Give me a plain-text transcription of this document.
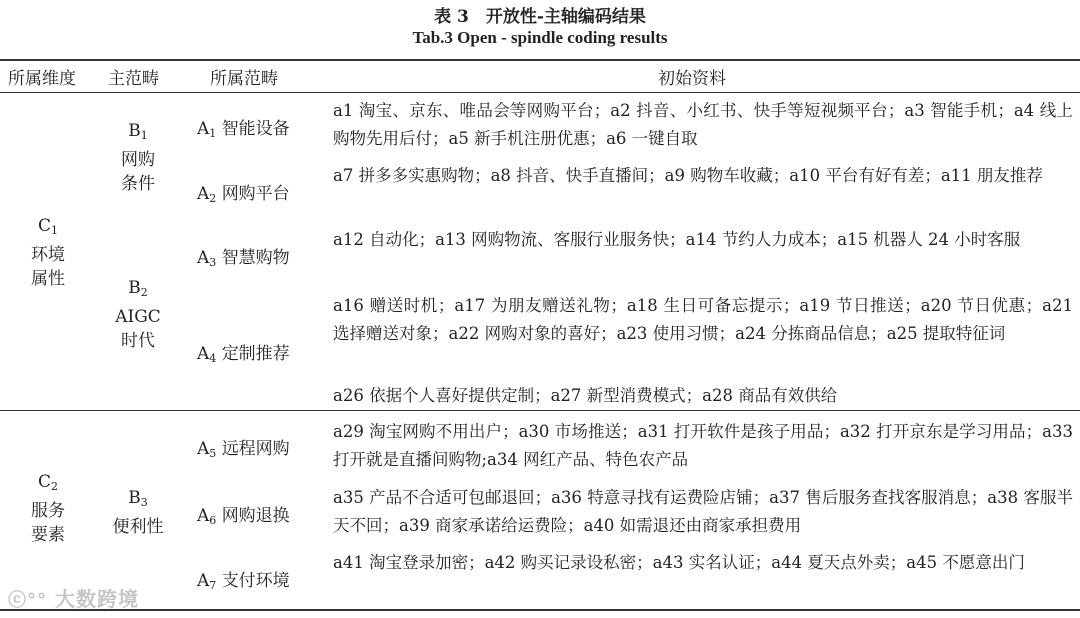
表 3　开放性-主轴编码结果
Tab.3 Open - spindle coding results
所属维度 主范畴	所属范畴	初始资料
$C_1$
环境
属性
$C_2$
服务
要素
$B_1$
网购
条件
$B_2$
AIGC
时代
$B_3$
便利性
$A_1$ 智能设备
$A_2$ 网购平台
$A_3$ 智慧购物
$A_4$ 定制推荐
$A_5$ 远程网购
$A_6$ 网购退换
$A_7$ 支付环境
a1 淘宝、京东、唯品会等网购平台；a2 抖音、小红书、快手等短视频平台；a3 智能手机；a4 线上购物先用后付；a5 新手机注册优惠；a6 一键自取
a7 拼多多实惠购物；a8 抖音、快手直播间；a9 购物车收藏；a10 平台有好有差；a11 朋友推荐
a12 自动化；a13 网购物流、客服行业服务快；a14 节约人力成本；a15 机器人 24 小时客服
a16 赠送时机；a17 为朋友赠送礼物；a18 生日可备忘提示；a19 节日推送；a20 节日优惠；a21 选择赠送对象；a22 网购对象的喜好；a23 使用习惯；a24 分拣商品信息；a25 提取特征词
a26 依据个人喜好提供定制；a27 新型消费模式；a28 商品有效供给
a29 淘宝网购不用出户；a30 市场推送；a31 打开软件是孩子用品；a32 打开京东是学习用品；a33 打开就是直播间购物;a34 网红产品、特色农产品
a35 产品不合适可包邮退回；a36 特意寻找有运费险店铺；a37 售后服务查找客服消息；a38 客服半天不回；a39 商家承诺给运费险；a40 如需退还由商家承担费用
a41 淘宝登录加密；a42 购买记录设私密；a43 实名认证；a44 夏天点外卖；a45 不愿意出门
ⓒ°° 大数跨境
